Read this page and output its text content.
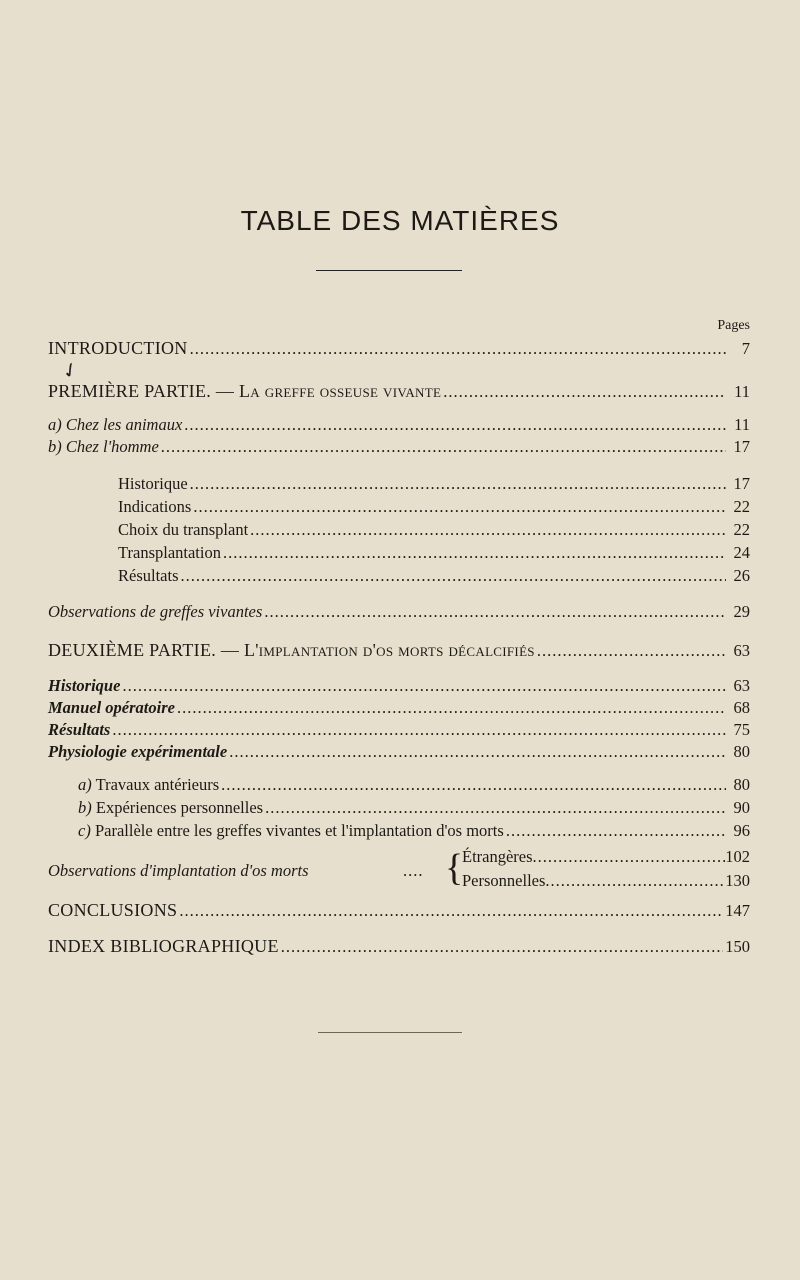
TABLE DES MATIÈRES
Pages
INTRODUCTION .....	7
✓
PREMIÈRE PARTIE. — La greffe osseuse vivante .....	11
a) Chez les animaux .....	11
b) Chez l'homme .....	17
Historique .....	17
Indications .....	22
Choix du transplant .....	22
Transplantation .....	24
Résultats .....	26
Observations de greffes vivantes .....	29
DEUXIÈME PARTIE. — L'implantation d'os morts décalcifiés .....	63
Historique .....	63
Manuel opératoire .....	68
Résultats .....	75
Physiologie expérimentale .....	80
a) Travaux antérieurs .....	80
b) Expériences personnelles .....	90
c) Parallèle entre les greffes vivantes et l'implantation d'os morts .....	96
Observations d'implantation d'os morts	.... {
Étrangères .....	102
Personnelles .....	130
CONCLUSIONS .....	147
INDEX BIBLIOGRAPHIQUE .....	150
